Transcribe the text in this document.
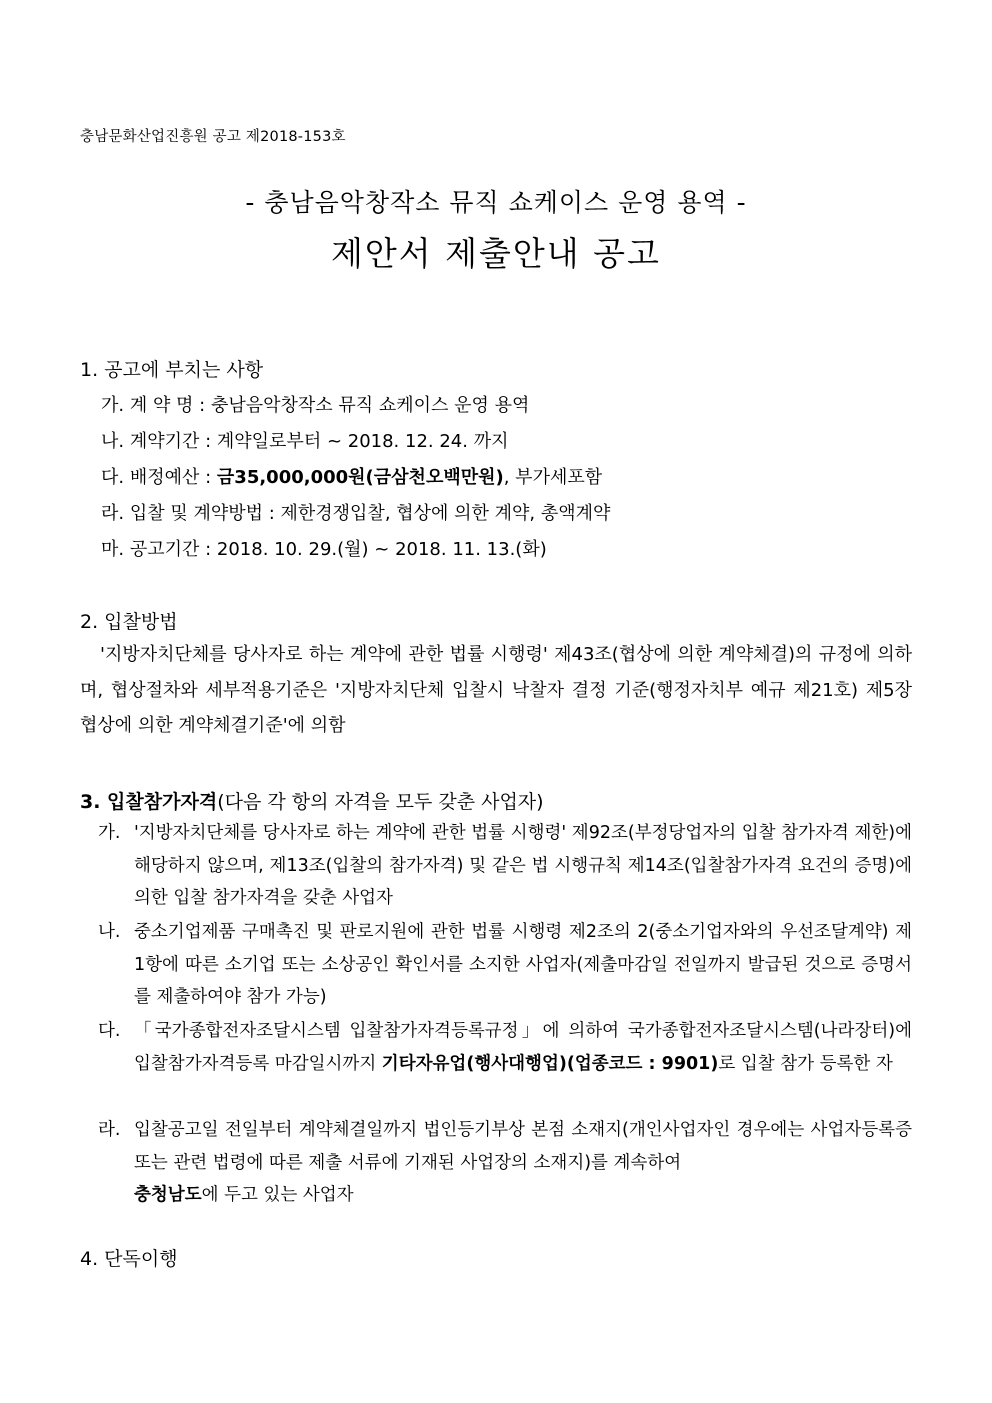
충남문화산업진흥원 공고 제2018-153호
- 충남음악창작소 뮤직 쇼케이스 운영 용역 -
제안서 제출안내 공고
1. 공고에 부치는 사항
가. 계 약 명 : 충남음악창작소 뮤직 쇼케이스 운영 용역
나. 계약기간 : 계약일로부터 ~ 2018. 12. 24. 까지
다. 배정예산 : 금35,000,000원(금삼천오백만원), 부가세포함
라. 입찰 및 계약방법 : 제한경쟁입찰, 협상에 의한 계약, 총액계약
마. 공고기간 : 2018. 10. 29.(월) ~ 2018. 11. 13.(화)
2. 입찰방법
'지방자치단체를 당사자로 하는 계약에 관한 법률 시행령' 제43조(협상에 의한 계약체결)의 규정에 의하며, 협상절차와 세부적용기준은 '지방자치단체 입찰시 낙찰자 결정 기준(행정자치부 예규 제21호) 제5장 협상에 의한 계약체결기준'에 의함
3. 입찰참가자격(다음 각 항의 자격을 모두 갖춘 사업자)
가. '지방자치단체를 당사자로 하는 계약에 관한 법률 시행령' 제92조(부정당업자의 입찰 참가자격 제한)에 해당하지 않으며, 제13조(입찰의 참가자격) 및 같은 법 시행규칙 제14조(입찰참가자격 요건의 증명)에 의한 입찰 참가자격을 갖춘 사업자
나. 중소기업제품 구매촉진 및 판로지원에 관한 법률 시행령 제2조의 2(중소기업자와의 우선조달계약) 제1항에 따른 소기업 또는 소상공인 확인서를 소지한 사업자(제출마감일 전일까지 발급된 것으로 증명서를 제출하여야 참가 가능)
다. 「국가종합전자조달시스템 입찰참가자격등록규정」에 의하여 국가종합전자조달시스템(나라장터)에 입찰참가자격등록 마감일시까지 기타자유업(행사대행업)(업종코드 : 9901)로 입찰 참가 등록한 자
라. 입찰공고일 전일부터 계약체결일까지 법인등기부상 본점 소재지(개인사업자인 경우에는 사업자등록증 또는 관련 법령에 따른 제출 서류에 기재된 사업장의 소재지)를 계속하여
충청남도에 두고 있는 사업자
4. 단독이행
